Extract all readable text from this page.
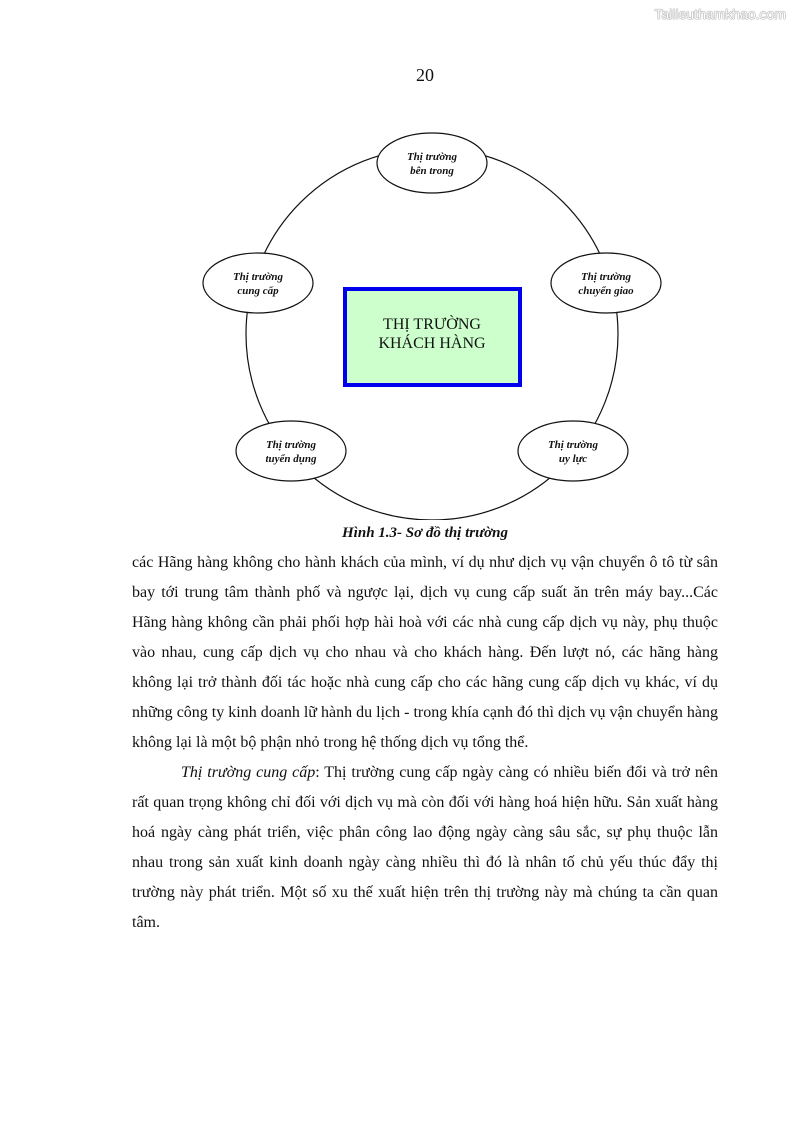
Tailieuthamkhao.com
20
THỊ TRƯỜNG
KHÁCH HÀNG
Thị trường
bên trong
Thị trường
chuyển giao
Thị trường
uy lực
Thị trường
tuyển dụng
Thị trường
cung cấp
Hình 1.3- Sơ đồ thị trường

các Hãng hàng không cho hành khách của mình, ví dụ như dịch vụ vận chuyển ô tô từ sân bay tới trung tâm thành phố và ngược lại, dịch vụ cung cấp suất ăn trên máy bay...Các Hãng hàng không cần phải phối hợp hài hoà với các nhà cung cấp dịch vụ này, phụ thuộc vào nhau, cung cấp dịch vụ cho nhau và cho khách hàng. Đến lượt nó, các hãng hàng không lại trở thành đối tác hoặc nhà cung cấp cho các hãng cung cấp dịch vụ khác, ví dụ những công ty kinh doanh lữ hành du lịch - trong khía cạnh đó thì dịch vụ vận chuyển hàng không lại là một bộ phận nhỏ trong hệ thống dịch vụ tổng thể.

Thị trường cung cấp: Thị trường cung cấp ngày càng có nhiều biến đổi và trở nên rất quan trọng không chỉ đối với dịch vụ mà còn đối với hàng hoá hiện hữu. Sản xuất hàng hoá ngày càng phát triển, việc phân công lao động ngày càng sâu sắc, sự phụ thuộc lẫn nhau trong sản xuất kinh doanh ngày càng nhiều thì đó là nhân tố chủ yếu thúc đẩy thị trường này phát triển. Một số xu thế xuất hiện trên thị trường này mà chúng ta cần quan tâm.
